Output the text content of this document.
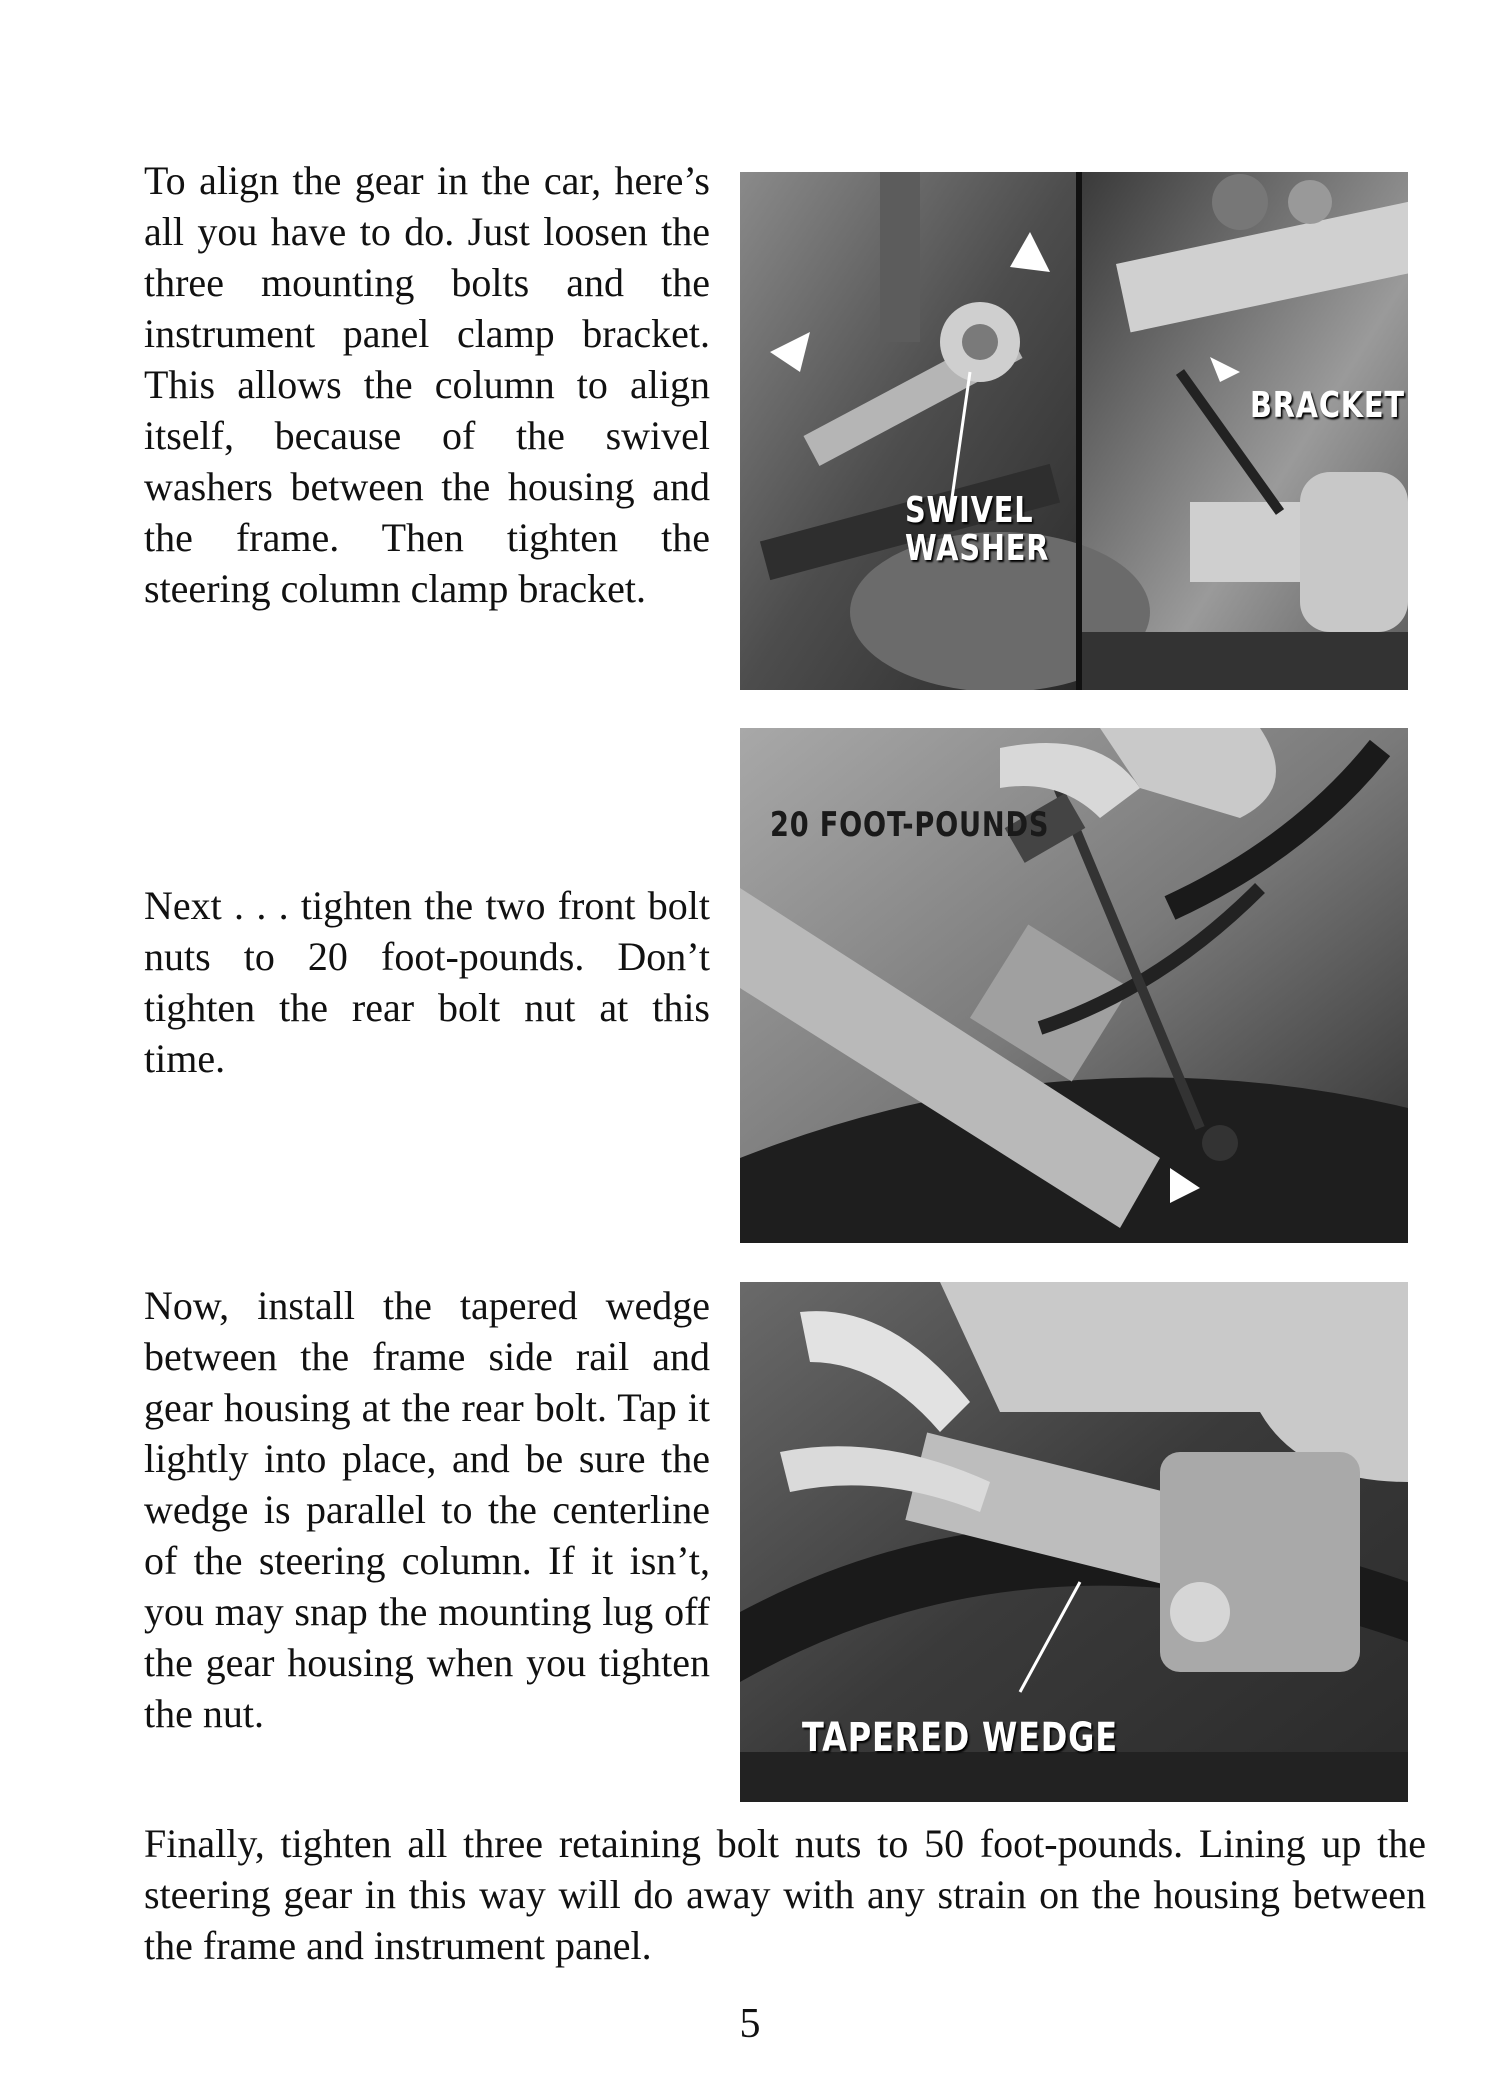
To align the gear in the car, here’s all you have to do. Just loosen the three mounting bolts and the instrument panel clamp bracket. This allows the column to align itself, because of the swivel washers between the housing and the frame. Then tighten the steering column clamp bracket.

SWIVEL
WASHER
BRACKET

Next . . . tighten the two front bolt nuts to 20 foot-pounds. Don’t tighten the rear bolt nut at this time.

20 FOOT-POUNDS

Now, install the tapered wedge between the frame side rail and gear housing at the rear bolt. Tap it lightly into place, and be sure the wedge is parallel to the centerline of the steering column. If it isn’t, you may snap the mounting lug off the gear housing when you tighten the nut.

TAPERED WEDGE

Finally, tighten all three retaining bolt nuts to 50 foot-pounds. Lining up the steering gear in this way will do away with any strain on the housing between the frame and instrument panel.

5
